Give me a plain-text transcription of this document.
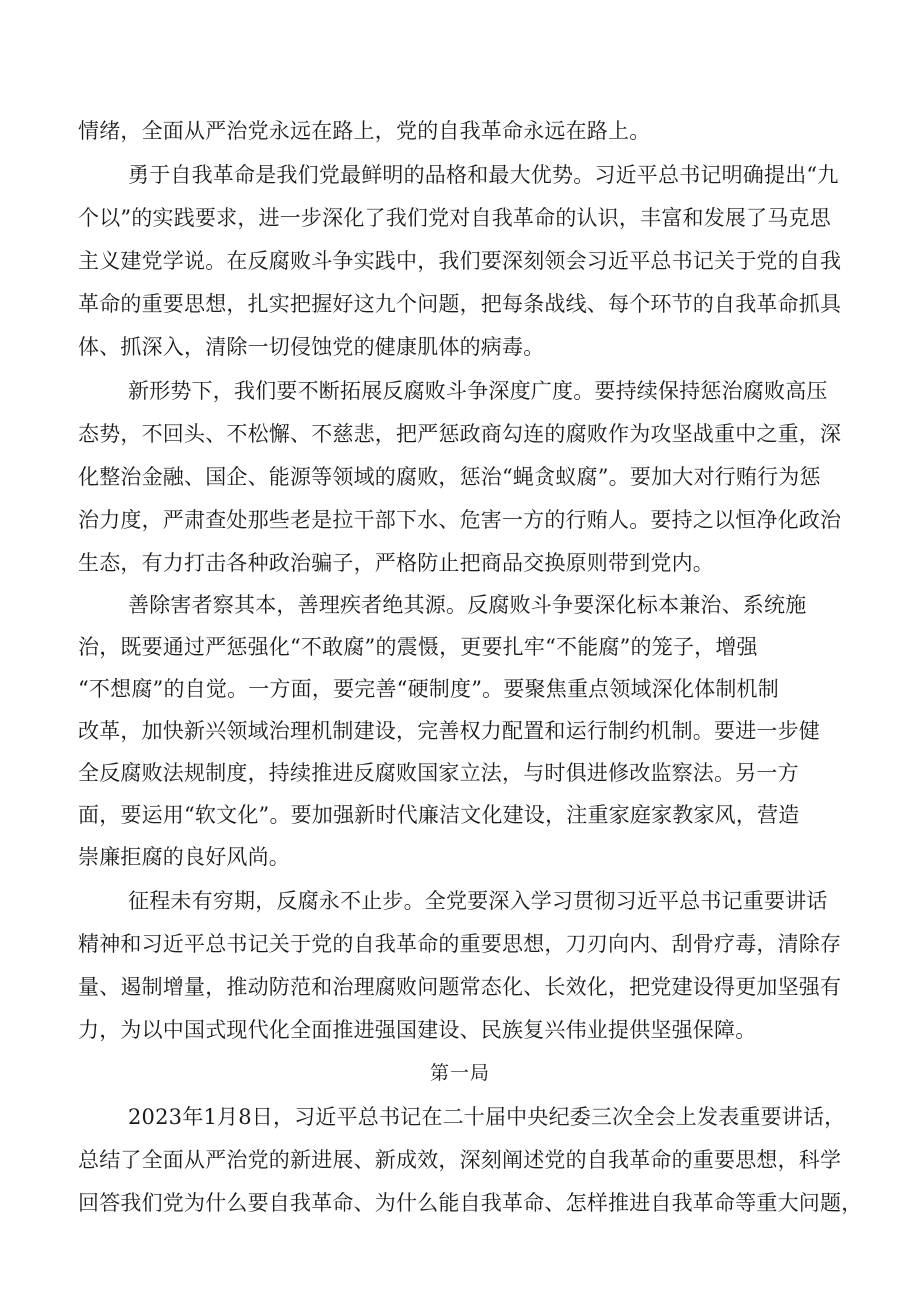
情绪，全面从严治党永远在路上，党的自我革命永远在路上。
勇于自我革命是我们党最鲜明的品格和最大优势。习近平总书记明确提出“九
个以”的实践要求，进一步深化了我们党对自我革命的认识，丰富和发展了马克思
主义建党学说。在反腐败斗争实践中，我们要深刻领会习近平总书记关于党的自我
革命的重要思想，扎实把握好这九个问题，把每条战线、每个环节的自我革命抓具
体、抓深入，清除一切侵蚀党的健康肌体的病毒。
新形势下，我们要不断拓展反腐败斗争深度广度。要持续保持惩治腐败高压
态势，不回头、不松懈、不慈悲，把严惩政商勾连的腐败作为攻坚战重中之重，深
化整治金融、国企、能源等领域的腐败，惩治“蝇贪蚁腐”。要加大对行贿行为惩
治力度，严肃查处那些老是拉干部下水、危害一方的行贿人。要持之以恒净化政治
生态，有力打击各种政治骗子，严格防止把商品交换原则带到党内。
善除害者察其本，善理疾者绝其源。反腐败斗争要深化标本兼治、系统施
治，既要通过严惩强化“不敢腐”的震慑，更要扎牢“不能腐”的笼子，增强
“不想腐”的自觉。一方面，要完善“硬制度”。要聚焦重点领域深化体制机制
改革，加快新兴领域治理机制建设，完善权力配置和运行制约机制。要进一步健
全反腐败法规制度，持续推进反腐败国家立法，与时俱进修改监察法。另一方
面，要运用“软文化”。要加强新时代廉洁文化建设，注重家庭家教家风，营造
崇廉拒腐的良好风尚。
征程未有穷期，反腐永不止步。全党要深入学习贯彻习近平总书记重要讲话
精神和习近平总书记关于党的自我革命的重要思想，刀刃向内、刮骨疗毒，清除存
量、遏制增量，推动防范和治理腐败问题常态化、长效化，把党建设得更加坚强有
力，为以中国式现代化全面推进强国建设、民族复兴伟业提供坚强保障。
第一局
2023年1月8日，习近平总书记在二十届中央纪委三次全会上发表重要讲话，
总结了全面从严治党的新进展、新成效，深刻阐述党的自我革命的重要思想，科学
回答我们党为什么要自我革命、为什么能自我革命、怎样推进自我革命等重大问题，
